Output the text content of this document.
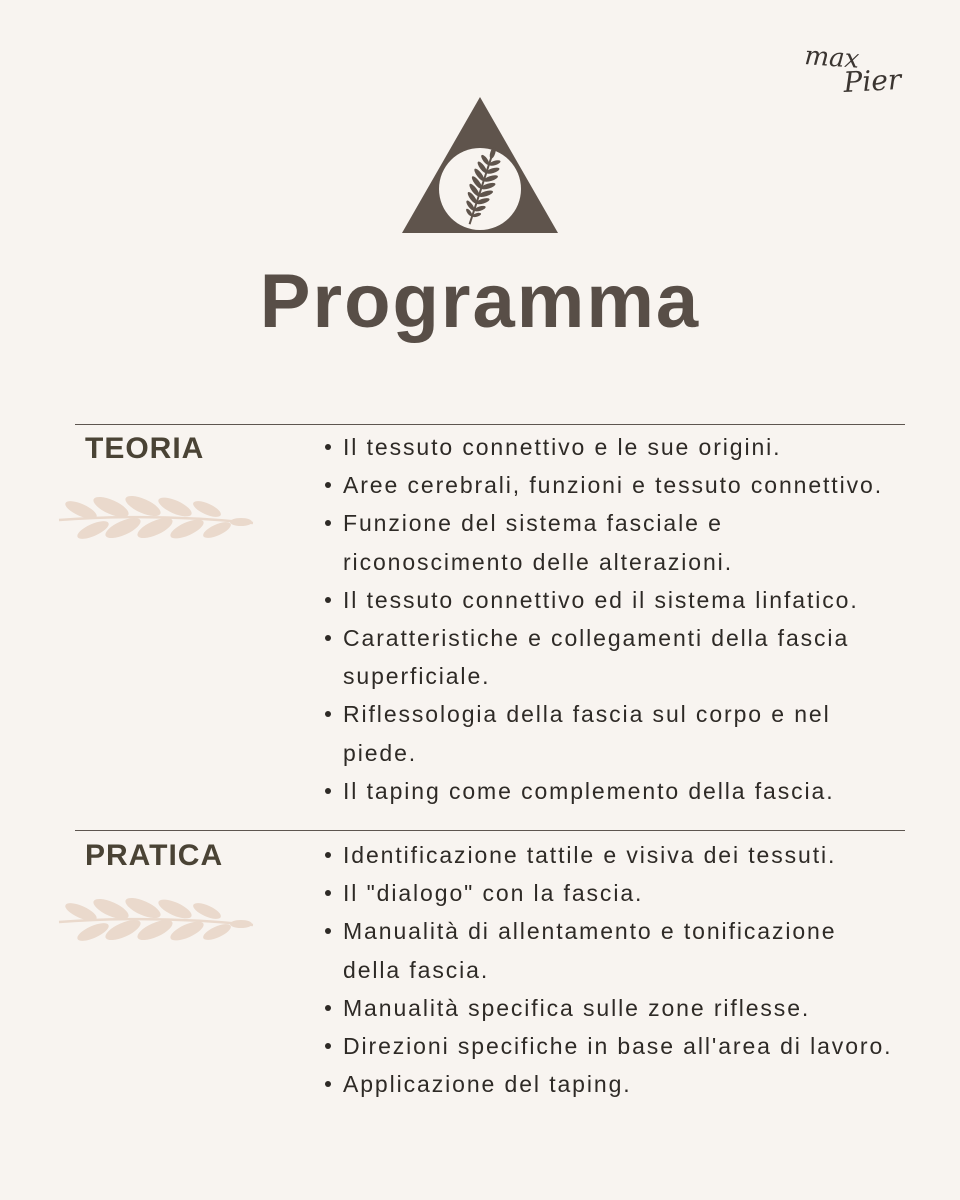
max
Pier
Programma
TEORIA	Il tessuto connettivo e le sue origini.
Aree cerebrali, funzioni e tessuto connettivo.
Funzione del sistema fasciale e
riconoscimento delle alterazioni.
Il tessuto connettivo ed il sistema linfatico.
Caratteristiche e collegamenti della fascia
superficiale.
Riflessologia della fascia sul corpo e nel
piede.
Il taping come complemento della fascia.
PRATICA	Identificazione tattile e visiva dei tessuti.
Il "dialogo" con la fascia.
Manualità di allentamento e tonificazione
della fascia.
Manualità specifica sulle zone riflesse.
Direzioni specifiche in base all'area di lavoro.
Applicazione del taping.
